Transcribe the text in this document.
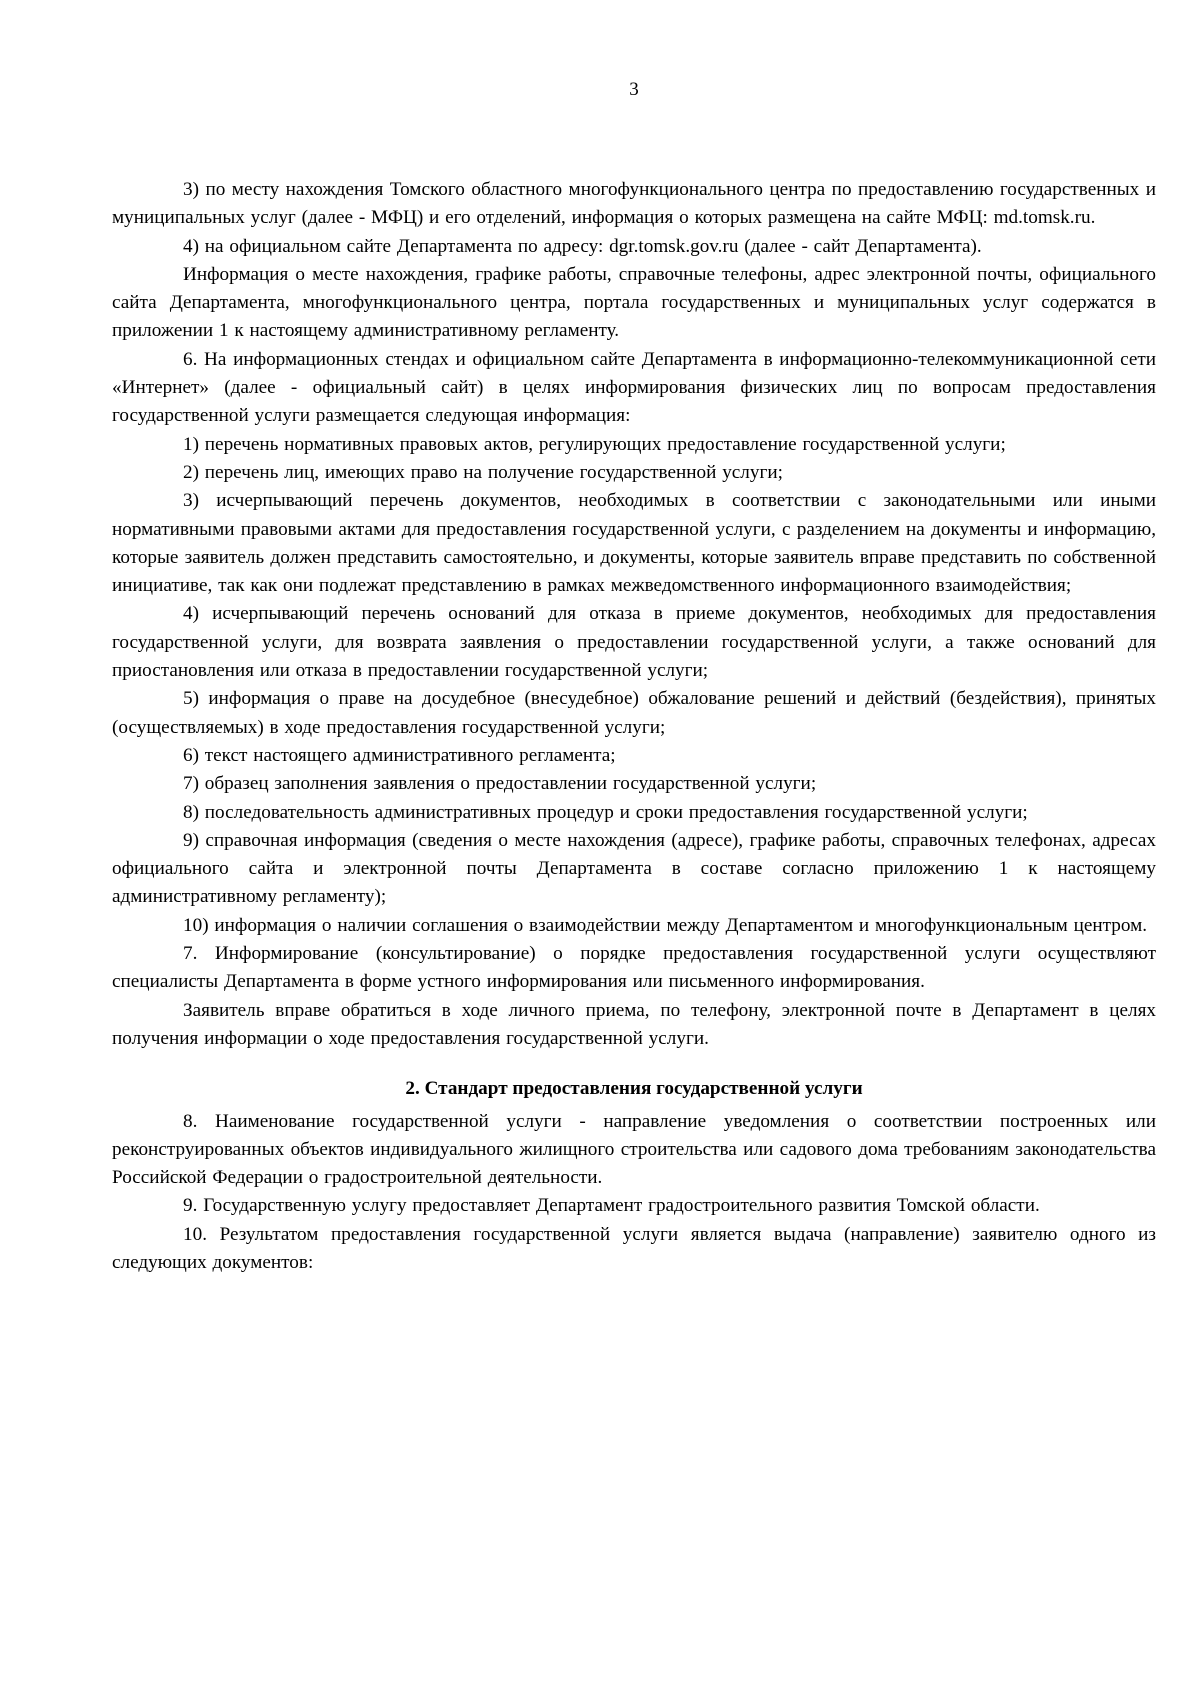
3

3) по месту нахождения Томского областного многофункционального центра по предоставлению государственных и муниципальных услуг (далее - МФЦ) и его отделений, информация о которых размещена на сайте МФЦ: md.tomsk.ru.

4) на официальном сайте Департамента по адресу: dgr.tomsk.gov.ru (далее - сайт Департамента).

Информация о месте нахождения, графике работы, справочные телефоны, адрес электронной почты, официального сайта Департамента, многофункционального центра, портала государственных и муниципальных услуг содержатся в приложении 1 к настоящему административному регламенту.

6. На информационных стендах и официальном сайте Департамента в информационно-телекоммуникационной сети «Интернет» (далее - официальный сайт) в целях информирования физических лиц по вопросам предоставления государственной услуги размещается следующая информация:

1) перечень нормативных правовых актов, регулирующих предоставление государственной услуги;

2) перечень лиц, имеющих право на получение государственной услуги;

3) исчерпывающий перечень документов, необходимых в соответствии с законодательными или иными нормативными правовыми актами для предоставления государственной услуги, с разделением на документы и информацию, которые заявитель должен представить самостоятельно, и документы, которые заявитель вправе представить по собственной инициативе, так как они подлежат представлению в рамках межведомственного информационного взаимодействия;

4) исчерпывающий перечень оснований для отказа в приеме документов, необходимых для предоставления государственной услуги, для возврата заявления о предоставлении государственной услуги, а также оснований для приостановления или отказа в предоставлении государственной услуги;

5) информация о праве на досудебное (внесудебное) обжалование решений и действий (бездействия), принятых (осуществляемых) в ходе предоставления государственной услуги;

6) текст настоящего административного регламента;

7) образец заполнения заявления о предоставлении государственной услуги;

8) последовательность административных процедур и сроки предоставления государственной услуги;

9) справочная информация (сведения о месте нахождения (адресе), графике работы, справочных телефонах, адресах официального сайта и электронной почты Департамента в составе согласно приложению 1 к настоящему административному регламенту);

10) информация о наличии соглашения о взаимодействии между Департаментом и многофункциональным центром.

7. Информирование (консультирование) о порядке предоставления государственной услуги осуществляют специалисты Департамента в форме устного информирования или письменного информирования.

Заявитель вправе обратиться в ходе личного приема, по телефону, электронной почте в Департамент в целях получения информации о ходе предоставления государственной услуги.

2. Стандарт предоставления государственной услуги

8. Наименование государственной услуги - направление уведомления о соответствии построенных или реконструированных объектов индивидуального жилищного строительства или садового дома требованиям законодательства Российской Федерации о градостроительной деятельности.

9. Государственную услугу предоставляет Департамент градостроительного развития Томской области.

10. Результатом предоставления государственной услуги является выдача (направление) заявителю одного из следующих документов:
